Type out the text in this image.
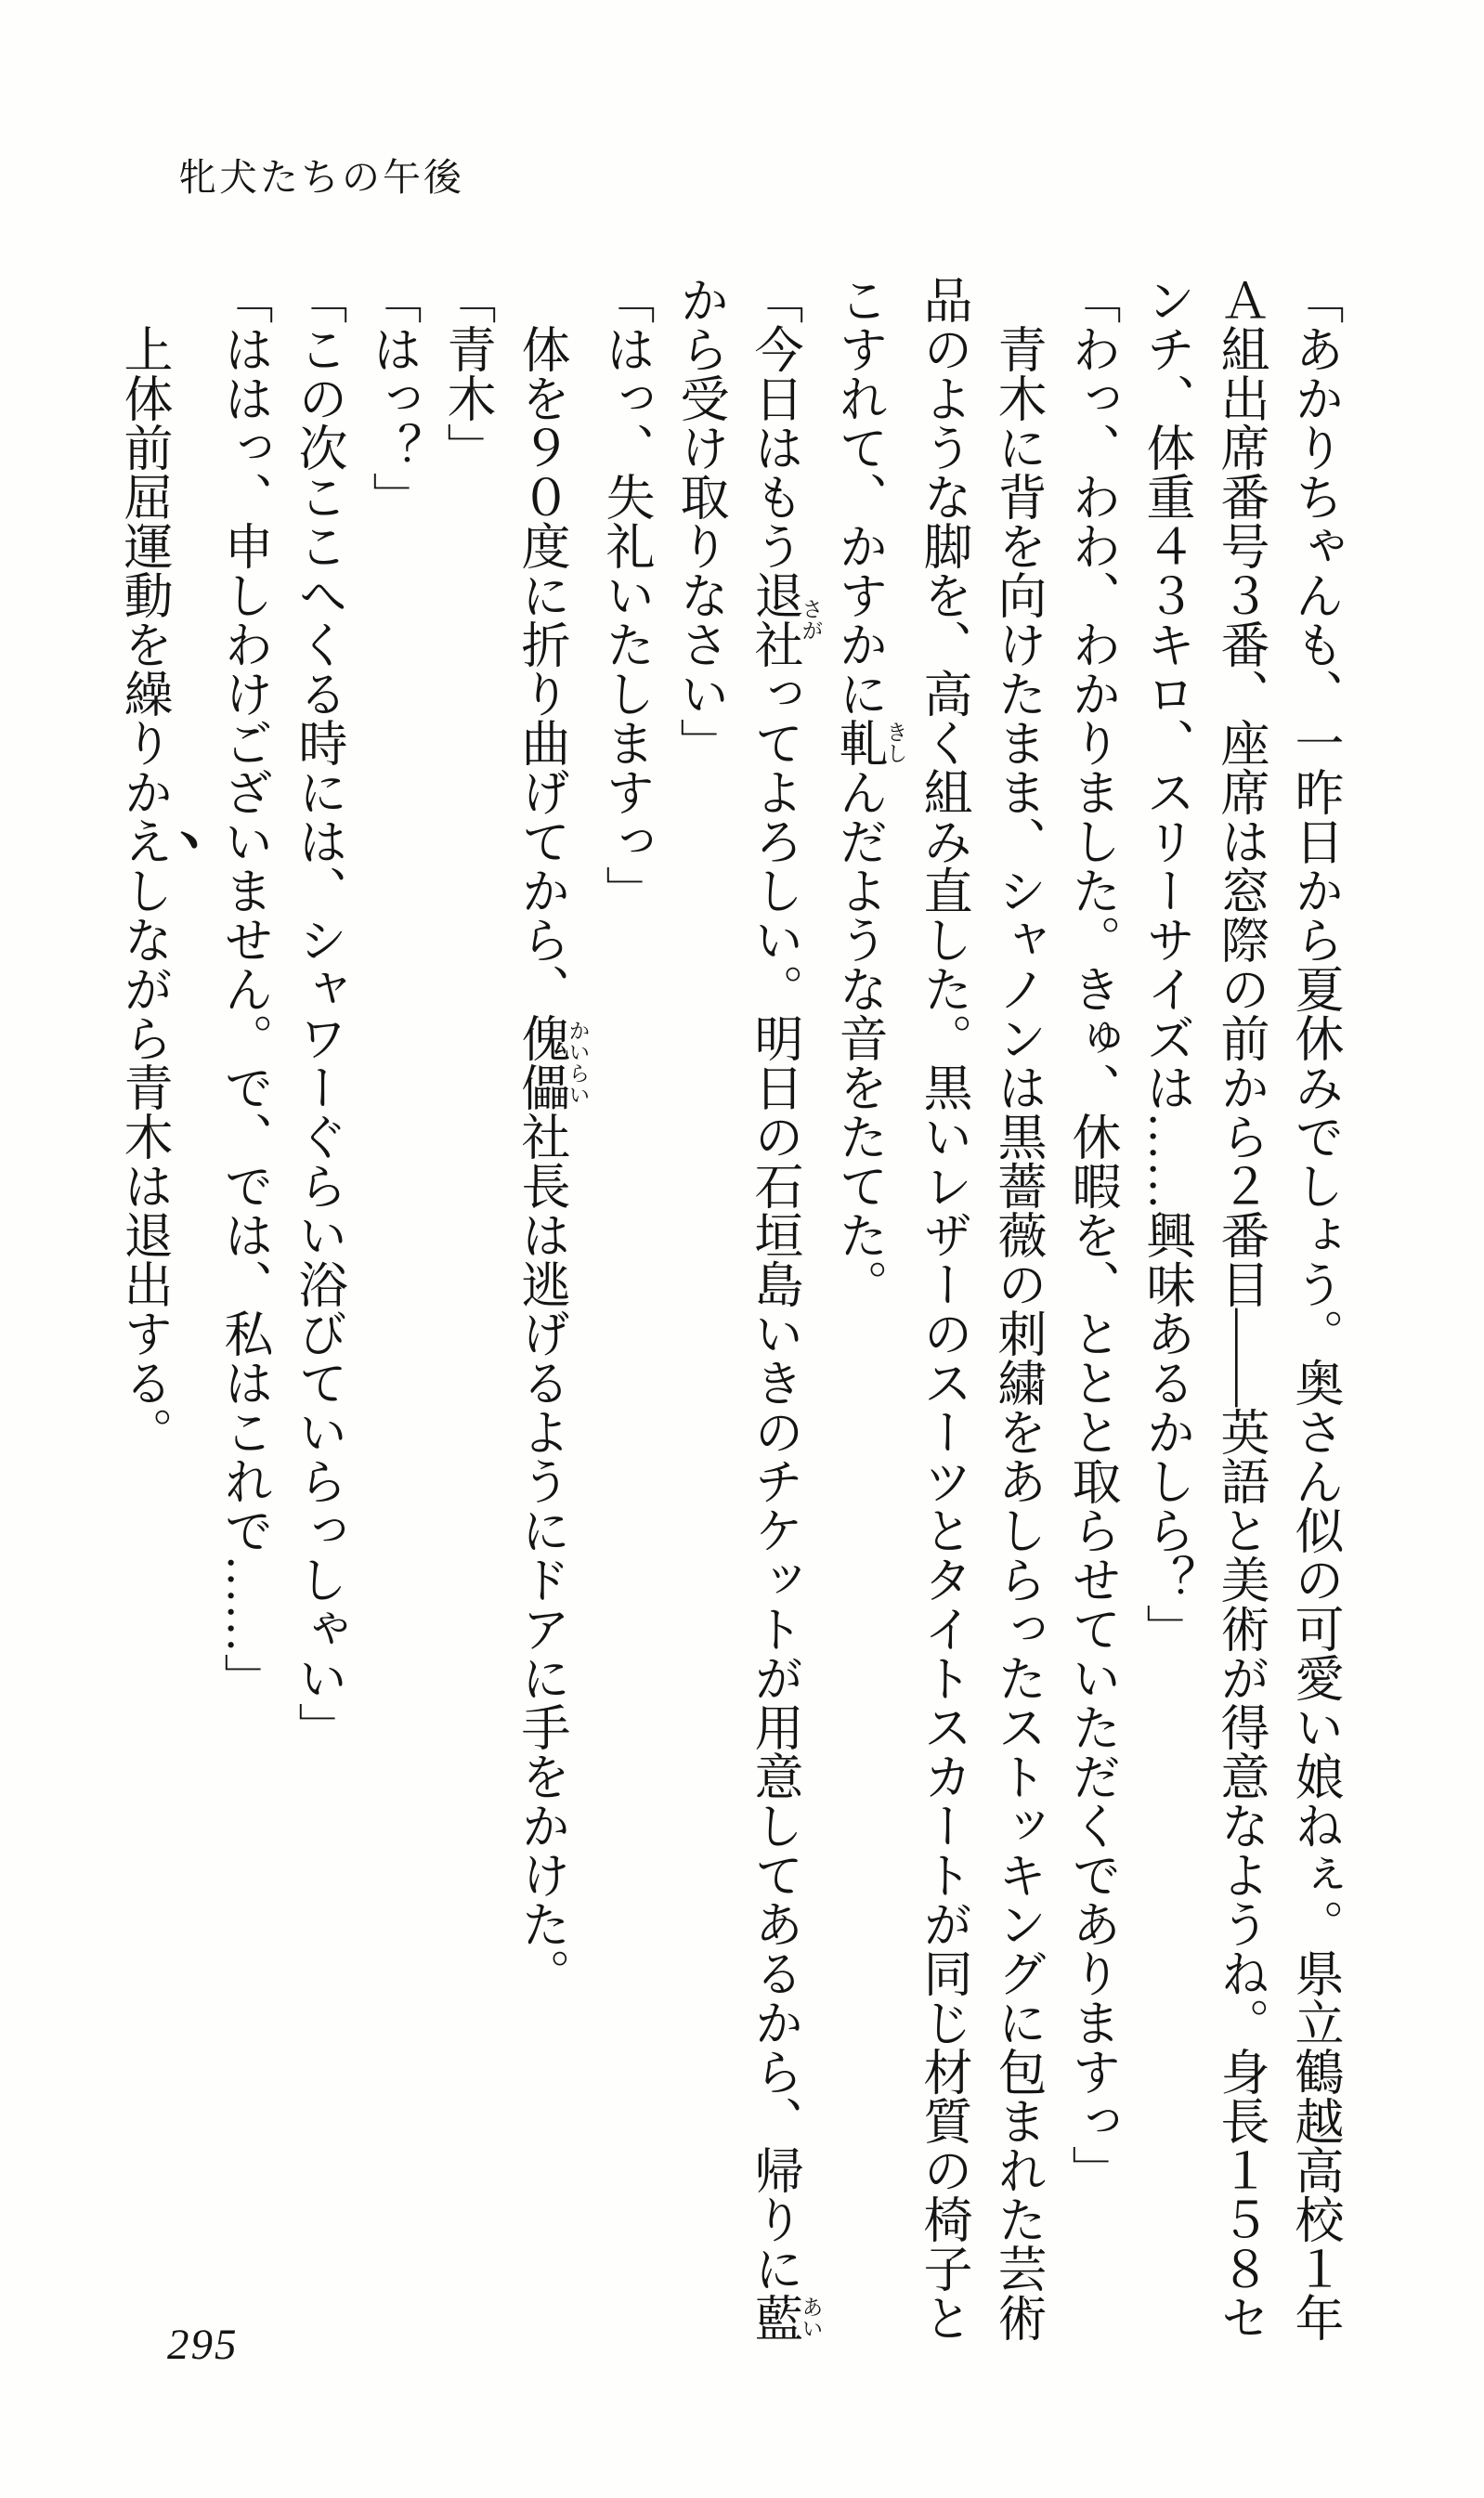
牝犬たちの午後

「あかりちゃんも、一昨日から夏休みでしょう。奥さん似の可愛い娘ねぇ。県立鶴越高校１年

Ａ組出席番号３番、座席は窓際の前から２番目——英語と美術が得意なようね。身長１５８セ

ンチ、体重４３キロ、スリーサイズは……興味あるかしら？」

「わっ、わわ、わかりました。きゅ、休暇を、ととと取らせていただくでありますっ」

青木に背を向けたまま、シャノンは黒薔薇の刺繍をあしらったストッキングに包まれた芸術

品のような脚を、高く組み直した。黒いレザーのスーツとタイトスカートが同じ材質の椅子と

こすれて、かすかに軋きしんだような音をたてた。

「今日はもう退社さがってよろしい。明日の石垣島いきのチケットが用意してあるから、帰りに藍あい

から受け取りなさい」

「はっ、失礼いたしますっ」

体を９０度に折り曲げてから、傀儡かいらい社長は逃げるようにドアに手をかけた。

「青木」

「はっ？」

「この次ここへくる時には、シャワーぐらい浴びていらっしゃい」

「ははっ、申しわけございません。で、では、私はこれで……」

上体前屈運動を繰りかえしながら青木は退出する。

295
